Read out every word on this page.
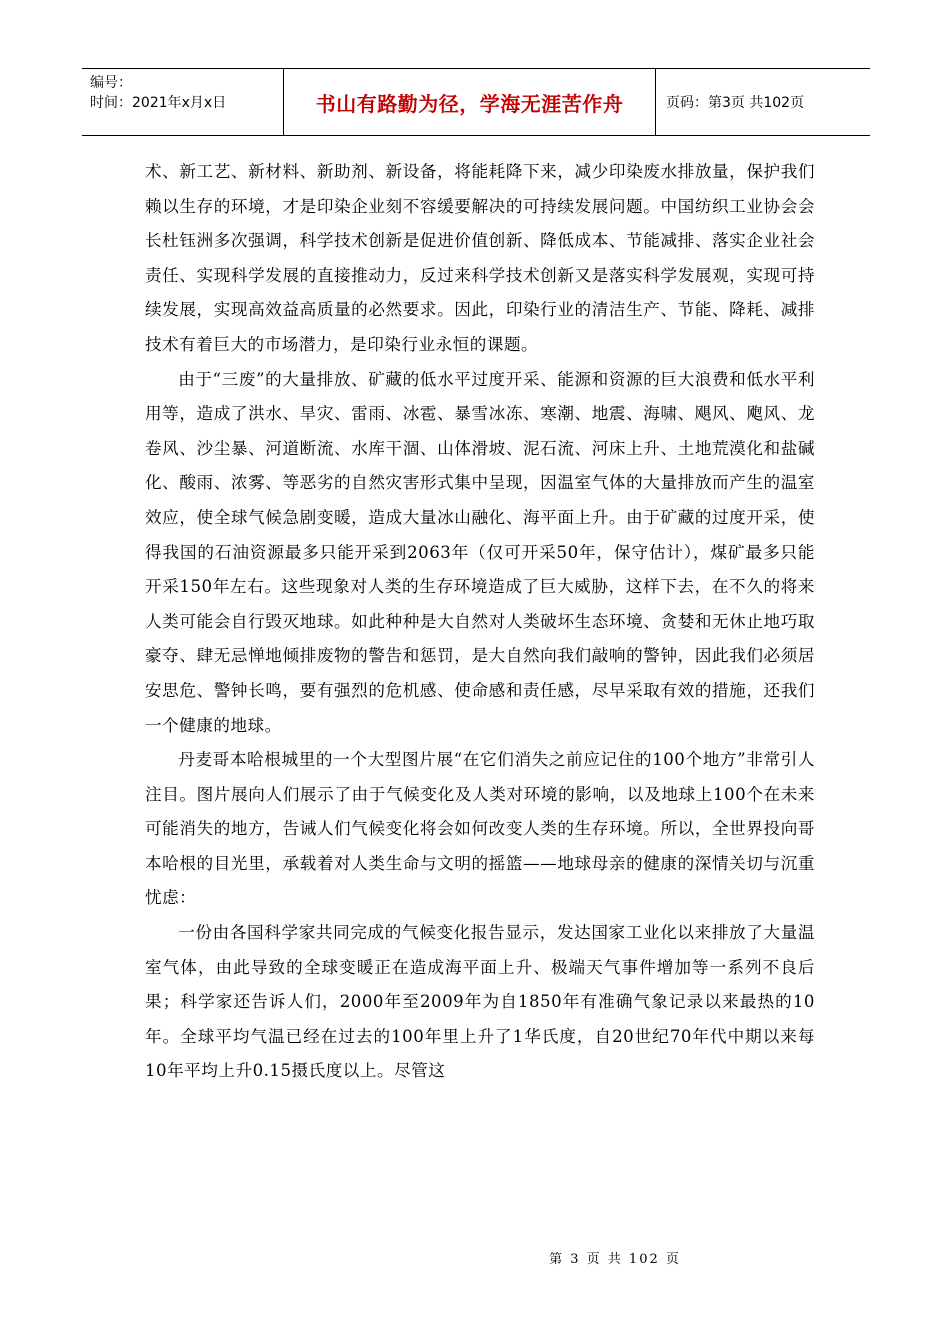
编号：
时间：2021年x月x日	书山有路勤为径，学海无涯苦作舟	页码：第3页 共102页

术、新工艺、新材料、新助剂、新设备，将能耗降下来，减少印染废水排放量，保护我们赖以生存的环境，才是印染企业刻不容缓要解决的可持续发展问题。中国纺织工业协会会长杜钰洲多次强调，科学技术创新是促进价值创新、降低成本、节能减排、落实企业社会责任、实现科学发展的直接推动力，反过来科学技术创新又是落实科学发展观，实现可持续发展，实现高效益高质量的必然要求。因此，印染行业的清洁生产、节能、降耗、减排技术有着巨大的市场潜力，是印染行业永恒的课题。

由于“三废”的大量排放、矿藏的低水平过度开采、能源和资源的巨大浪费和低水平利用等，造成了洪水、旱灾、雷雨、冰雹、暴雪冰冻、寒潮、地震、海啸、飓风、飑风、龙卷风、沙尘暴、河道断流、水库干涸、山体滑坡、泥石流、河床上升、土地荒漠化和盐碱化、酸雨、浓雾、等恶劣的自然灾害形式集中呈现，因温室气体的大量排放而产生的温室效应，使全球气候急剧变暖，造成大量冰山融化、海平面上升。由于矿藏的过度开采，使得我国的石油资源最多只能开采到2063年（仅可开采50年，保守估计），煤矿最多只能开采150年左右。这些现象对人类的生存环境造成了巨大威胁，这样下去，在不久的将来人类可能会自行毁灭地球。如此种种是大自然对人类破坏生态环境、贪婪和无休止地巧取豪夺、肆无忌惮地倾排废物的警告和惩罚，是大自然向我们敲响的警钟，因此我们必须居安思危、警钟长鸣，要有强烈的危机感、使命感和责任感，尽早采取有效的措施，还我们一个健康的地球。

丹麦哥本哈根城里的一个大型图片展“在它们消失之前应记住的100个地方”非常引人注目。图片展向人们展示了由于气候变化及人类对环境的影响，以及地球上100个在未来可能消失的地方，告诫人们气候变化将会如何改变人类的生存环境。所以，全世界投向哥本哈根的目光里，承载着对人类生命与文明的摇篮——地球母亲的健康的深情关切与沉重忧虑：

一份由各国科学家共同完成的气候变化报告显示，发达国家工业化以来排放了大量温室气体，由此导致的全球变暖正在造成海平面上升、极端天气事件增加等一系列不良后果；科学家还告诉人们，2000年至2009年为自1850年有准确气象记录以来最热的10年。全球平均气温已经在过去的100年里上升了1华氏度，自20世纪70年代中期以来每10年平均上升0.15摄氏度以上。尽管这

第 3 页 共 102 页
